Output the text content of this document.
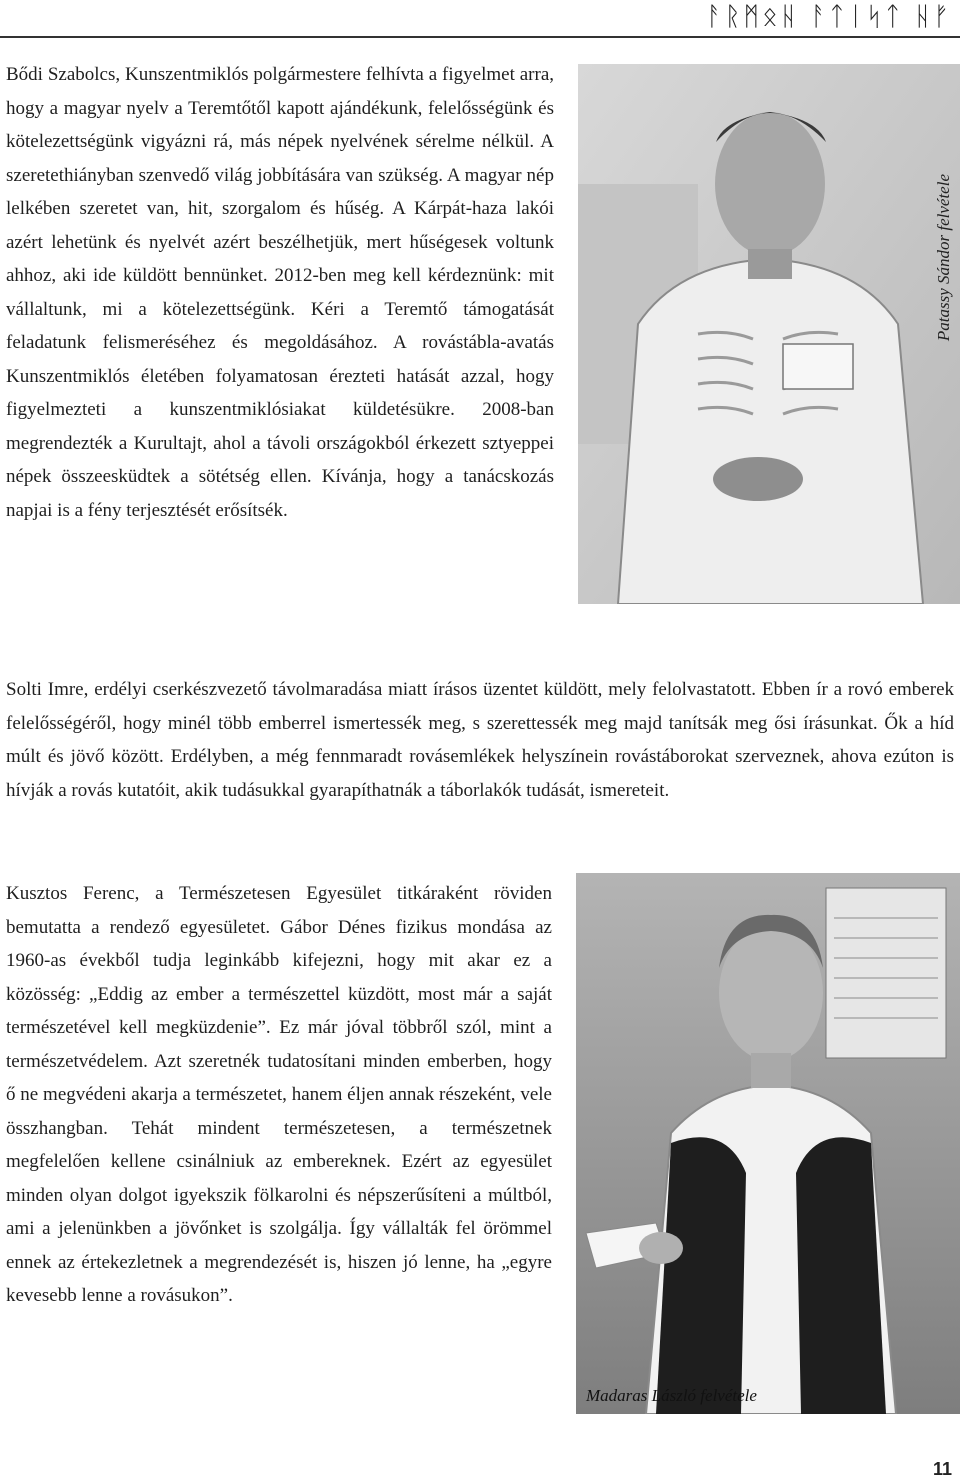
ᚨᚱᛗᛟᚺ ᚨᛏᛁᛋᛏ ᚺᚠ

Bődi Szabolcs, Kunszentmiklós polgármestere felhívta a figyelmet arra, hogy a magyar nyelv a Teremtőtől kapott ajándékunk, felelősségünk és kötelezettségünk vigyázni rá, más népek nyelvének sérelme nélkül. A szeretethiányban szenvedő világ jobbítására van szükség. A magyar nép lelkében szeretet van, hit, szorgalom és hűség. A Kárpát-haza lakói azért lehetünk és nyelvét azért beszélhetjük, mert hűségesek voltunk ahhoz, aki ide küldött bennünket. 2012-ben meg kell kérdeznünk: mit vállaltunk, mi a kötelezettségünk. Kéri a Teremtő támogatását feladatunk felismeréséhez és megoldásához. A rovástábla-avatás Kunszentmiklós életében folyamatosan érezteti hatását azzal, hogy figyelmezteti a kunszentmiklósiakat küldetésükre. 2008-ban megrendezték a Kurultajt, ahol a távoli országokból érkezett sztyeppei népek összeesküdtek a sötétség ellen. Kívánja, hogy a tanácskozás napjai is a fény terjesztését erősítsék.

Patassy Sándor felvétele

Solti Imre, erdélyi cserkészvezető távolmaradása miatt írásos üzentet küldött, mely felolvastatott. Ebben ír a rovó emberek felelősségéről, hogy minél több emberrel ismertessék meg, s szerettessék meg majd tanítsák meg ősi írásunkat. Ők a híd múlt és jövő között. Erdélyben, a még fennmaradt rovásemlékek helyszínein rovástáborokat szerveznek, ahova ezúton is hívják a rovás kutatóit, akik tudásukkal gyarapíthatnák a táborlakók tudását, ismereteit.

Kusztos Ferenc, a Természetesen Egyesület titkáraként röviden bemutatta a rendező egyesületet. Gábor Dénes fizikus mondása az 1960-as évekből tudja leginkább kifejezni, hogy mit akar ez a közösség: „Eddig az ember a természettel küzdött, most már a saját természetével kell megküzdenie”. Ez már jóval többről szól, mint a természetvédelem. Azt szeretnék tudatosítani minden emberben, hogy ő ne megvédeni akarja a természetet, hanem éljen annak részeként, vele összhangban. Tehát mindent természetesen, a természetnek megfelelően kellene csinálniuk az embereknek. Ezért az egyesület minden olyan dolgot igyekszik fölkarolni és népszerűsíteni a múltból, ami a jelenünkben a jövőnket is szolgálja. Így vállalták fel örömmel ennek az értekezletnek a megrendezését is, hiszen jó lenne, ha „egyre kevesebb lenne a rovásukon”.

Madaras László felvétele
11
